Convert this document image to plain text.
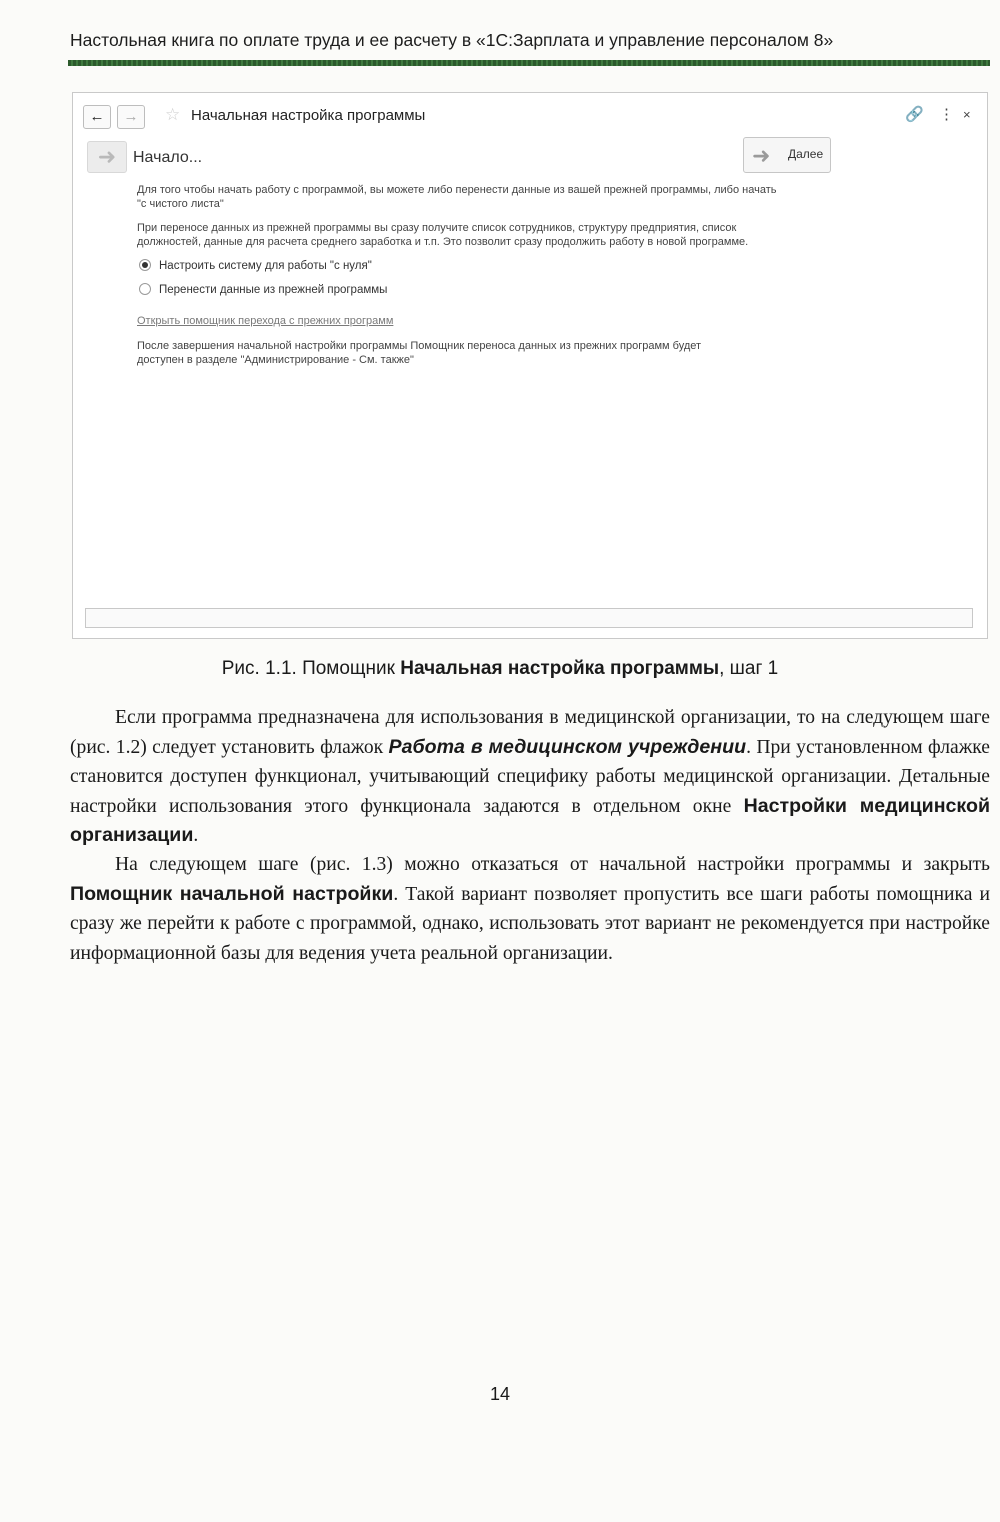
Настольная книга по оплате труда и ее расчету в «1С:Зарплата и управление персоналом 8»
←	→	☆ Начальная настройка программы	🔗 ⋮ ×
➜	Начало...	➜ Далее
Для того чтобы начать работу с программой, вы можете либо перенести данные из вашей прежней программы, либо начать
"с чистого листа"
При переносе данных из прежней программы вы сразу получите список сотрудников, структуру предприятия, список
должностей, данные для расчета среднего заработка и т.п. Это позволит сразу продолжить работу в новой программе.
Настроить систему для работы "с нуля"
Перенести данные из прежней программы
Открыть помощник перехода с прежних программ
После завершения начальной настройки программы Помощник переноса данных из прежних программ будет
доступен в разделе "Администрирование - См. также"
Рис. 1.1. Помощник Начальная настройка программы, шаг 1
Если программа предназначена для использования в медицинской организации, то на следующем шаге (рис. 1.2) следует установить флажок Работа в медицинском учреждении. При установленном флажке становится доступен функционал, учитывающий специфику работы медицинской организации. Детальные настройки использования этого функционала задаются в отдельном окне Настройки медицинской организации.
На следующем шаге (рис. 1.3) можно отказаться от начальной настройки программы и закрыть Помощник начальной настройки. Такой вариант позволяет пропустить все шаги работы помощника и сразу же перейти к работе с программой, однако, использовать этот вариант не рекомендуется при настройке информационной базы для ведения учета реальной организации.
14
